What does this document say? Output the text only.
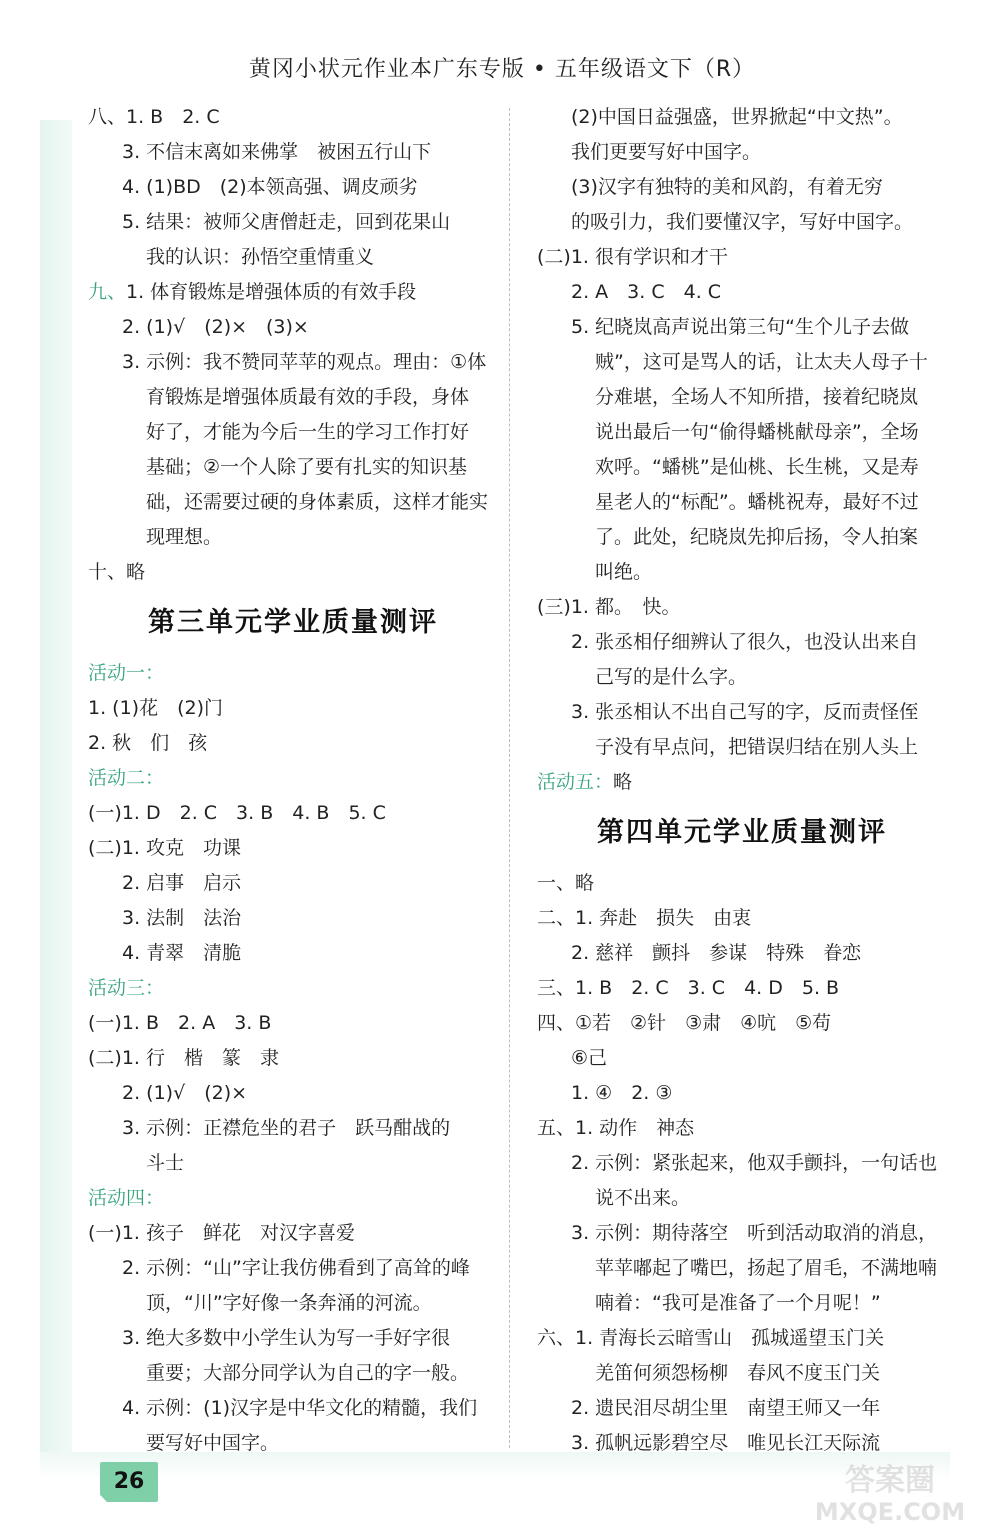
黄冈小状元作业本广东专版 • 五年级语文下（R）
八、1. B　2. C
3. 不信末离如来佛掌　被困五行山下
4. (1)BD　(2)本领高强、调皮顽劣
5. 结果：被师父唐僧赶走，回到花果山
我的认识：孙悟空重情重义
九、1. 体育锻炼是增强体质的有效手段
2. (1)√　(2)×　(3)×
3. 示例：我不赞同苹苹的观点。理由：①体
育锻炼是增强体质最有效的手段，身体
好了，才能为今后一生的学习工作打好
基础；②一个人除了要有扎实的知识基
础，还需要过硬的身体素质，这样才能实
现理想。
十、略
第三单元学业质量测评
活动一：
1. (1)花　(2)门
2. 秋　们　孩
活动二：
(一)1. D　2. C　3. B　4. B　5. C
(二)1. 攻克　功课
2. 启事　启示
3. 法制　法治
4. 青翠　清脆
活动三：
(一)1. B　2. A　3. B
(二)1. 行　楷　篆　隶
2. (1)√　(2)×
3. 示例：正襟危坐的君子　跃马酣战的
斗士
活动四：
(一)1. 孩子　鲜花　对汉字喜爱
2. 示例：“山”字让我仿佛看到了高耸的峰
顶，“川”字好像一条奔涌的河流。
3. 绝大多数中小学生认为写一手好字很
重要；大部分同学认为自己的字一般。
4. 示例：(1)汉字是中华文化的精髓，我们
要写好中国字。
(2)中国日益强盛，世界掀起“中文热”。
我们更要写好中国字。
(3)汉字有独特的美和风韵，有着无穷
的吸引力，我们要懂汉字，写好中国字。
(二)1. 很有学识和才干
2. A　3. C　4. C
5. 纪晓岚高声说出第三句“生个儿子去做
贼”，这可是骂人的话，让太夫人母子十
分难堪，全场人不知所措，接着纪晓岚
说出最后一句“偷得蟠桃献母亲”，全场
欢呼。“蟠桃”是仙桃、长生桃，又是寿
星老人的“标配”。蟠桃祝寿，最好不过
了。此处，纪晓岚先抑后扬，令人拍案
叫绝。
(三)1. 都。　快。
2. 张丞相仔细辨认了很久，也没认出来自
己写的是什么字。
3. 张丞相认不出自己写的字，反而责怪侄
子没有早点问，把错误归结在别人头上
活动五：略
第四单元学业质量测评
一、略
二、1. 奔赴　损失　由衷
2. 慈祥　颤抖　参谋　特殊　眷恋
三、1. B　2. C　3. C　4. D　5. B
四、①若　②针　③肃　④吭　⑤苟
⑥己
1. ④　2. ③
五、1. 动作　神态
2. 示例：紧张起来，他双手颤抖，一句话也
说不出来。
3. 示例：期待落空　听到活动取消的消息，
苹苹嘟起了嘴巴，扬起了眉毛，不满地喃
喃着：“我可是准备了一个月呢！”
六、1. 青海长云暗雪山　孤城遥望玉门关
羌笛何须怨杨柳　春风不度玉门关
2. 遗民泪尽胡尘里　南望王师又一年
3. 孤帆远影碧空尽　唯见长江天际流
26	答案圈
MXQE.COM
